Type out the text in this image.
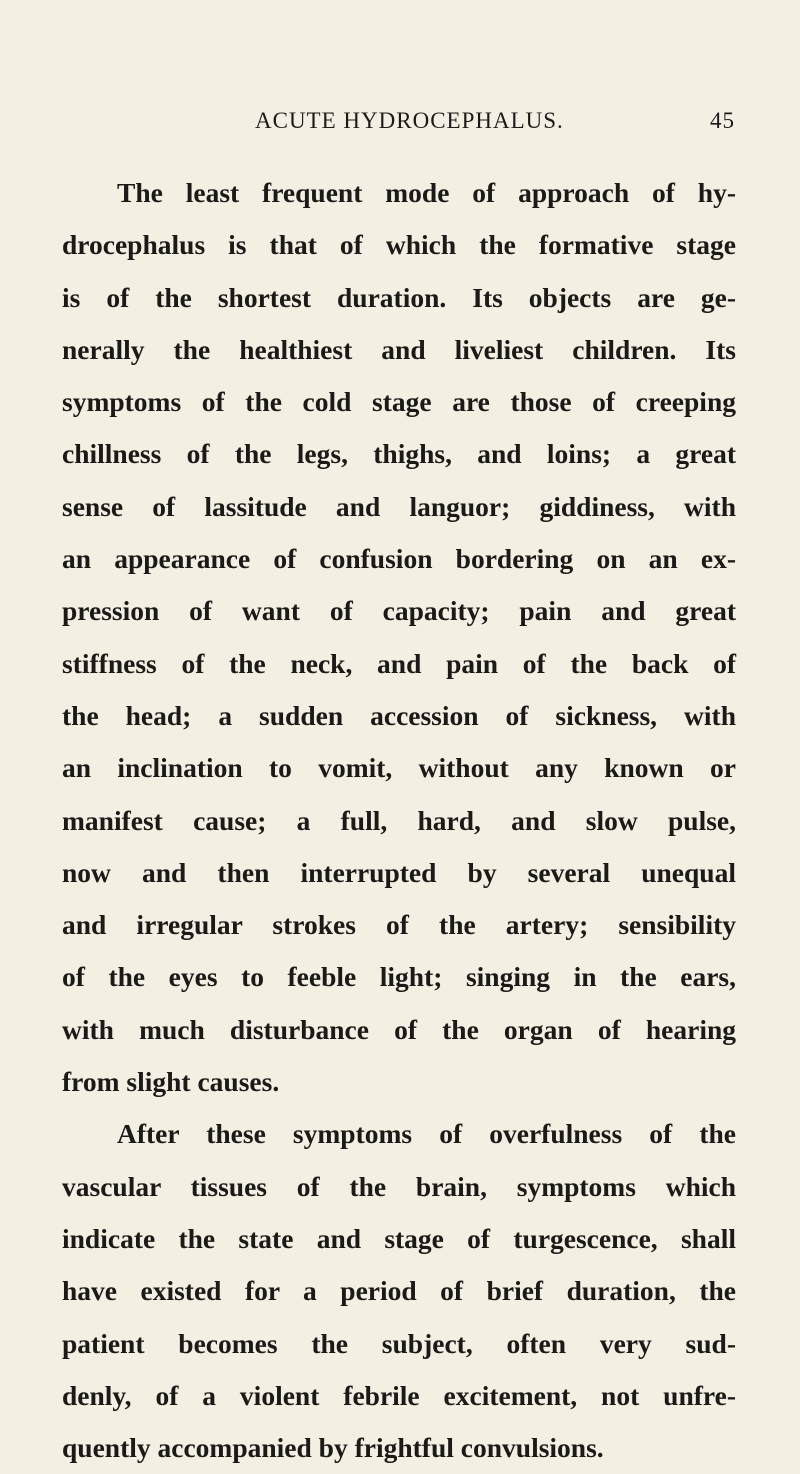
ACUTE HYDROCEPHALUS.	45
The least frequent mode of approach of hy-
drocephalus is that of which the formative stage
is of the shortest duration. Its objects are ge-
nerally the healthiest and liveliest children. Its
symptoms of the cold stage are those of creeping
chillness of the legs, thighs, and loins; a great
sense of lassitude and languor; giddiness, with
an appearance of confusion bordering on an ex-
pression of want of capacity; pain and great
stiffness of the neck, and pain of the back of
the head; a sudden accession of sickness, with
an inclination to vomit, without any known or
manifest cause; a full, hard, and slow pulse,
now and then interrupted by several unequal
and irregular strokes of the artery; sensibility
of the eyes to feeble light; singing in the ears,
with much disturbance of the organ of hearing
from slight causes.
After these symptoms of overfulness of the
vascular tissues of the brain, symptoms which
indicate the state and stage of turgescence, shall
have existed for a period of brief duration, the
patient becomes the subject, often very sud-
denly, of a violent febrile excitement, not unfre-
quently accompanied by frightful convulsions.
